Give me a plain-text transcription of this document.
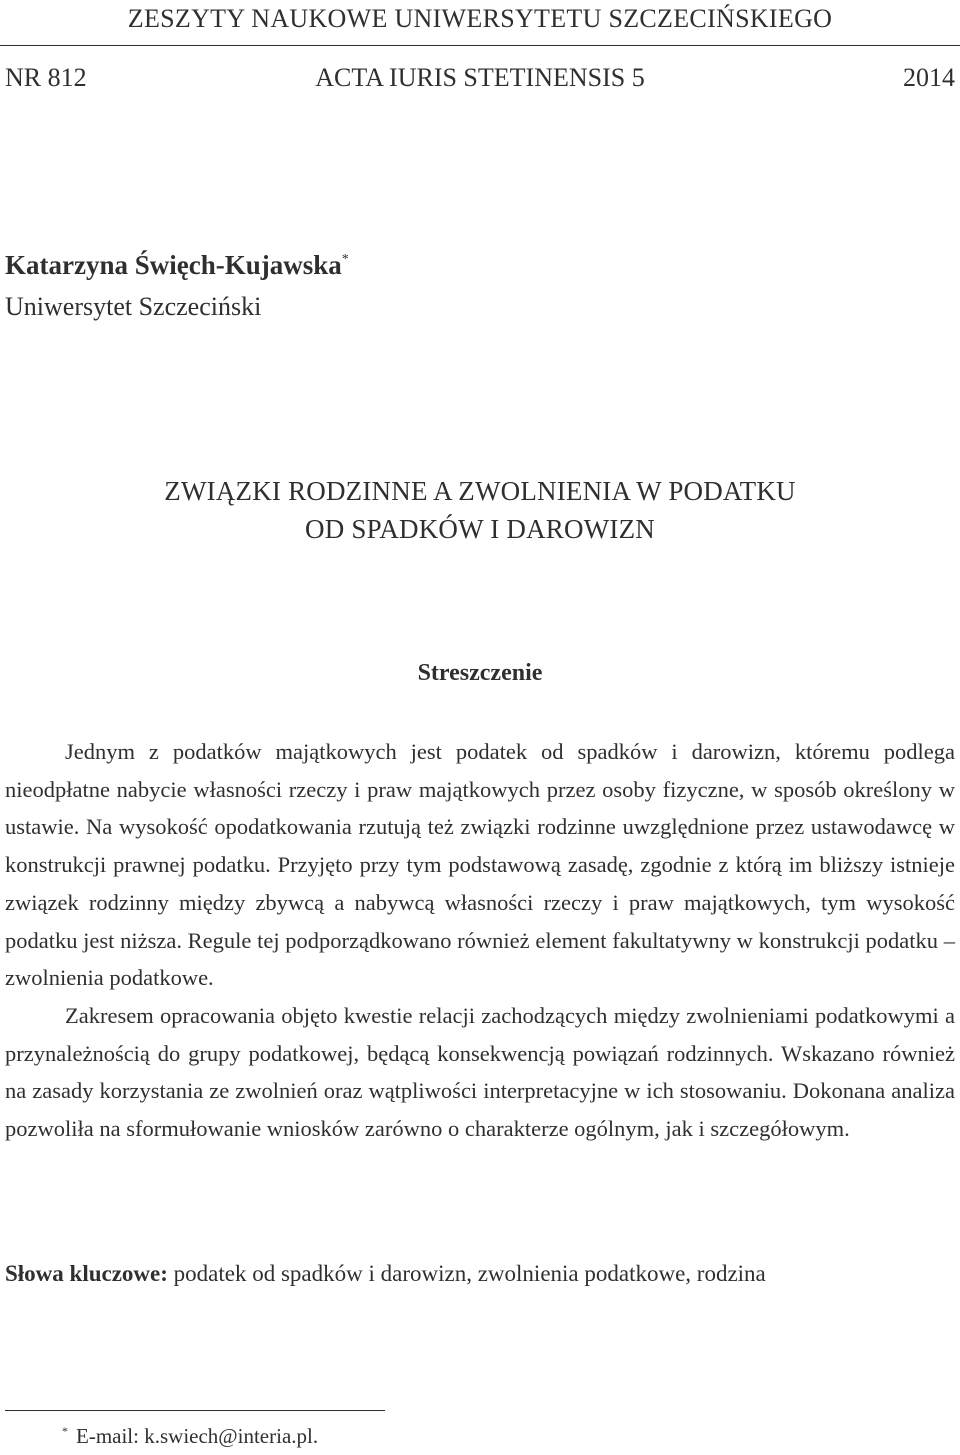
ZESZYTY NAUKOWE UNIWERSYTETU SZCZECIŃSKIEGO
NR 812	ACTA IURIS STETINENSIS 5	2014
Katarzyna Święch-Kujawska*
Uniwersytet Szczeciński
ZWIĄZKI RODZINNE A ZWOLNIENIA W PODATKU
OD SPADKÓW I DAROWIZN
Streszczenie

Jednym z podatków majątkowych jest podatek od spadków i darowizn, któremu podlega nieodpłatne nabycie własności rzeczy i praw majątkowych przez osoby fizyczne, w sposób określony w ustawie. Na wysokość opodatkowania rzutują też związki rodzinne uwzględnione przez ustawodawcę w konstrukcji prawnej podatku. Przyjęto przy tym podstawową zasadę, zgodnie z którą im bliższy istnieje związek rodzinny między zbywcą a nabywcą własności rzeczy i praw majątkowych, tym wysokość podatku jest niższa. Regule tej podporządkowano również element fakultatywny w konstrukcji podatku – zwolnienia podatkowe.

Zakresem opracowania objęto kwestie relacji zachodzących między zwolnieniami podatkowymi a przynależnością do grupy podatkowej, będącą konsekwencją powiązań rodzinnych. Wskazano również na zasady korzystania ze zwolnień oraz wątpliwości interpretacyjne w ich stosowaniu. Dokonana analiza pozwoliła na sformułowanie wniosków zarówno o charakterze ogólnym, jak i szczegółowym.

Słowa kluczowe: podatek od spadków i darowizn, zwolnienia podatkowe, rodzina
* E-mail: k.swiech@interia.pl.
